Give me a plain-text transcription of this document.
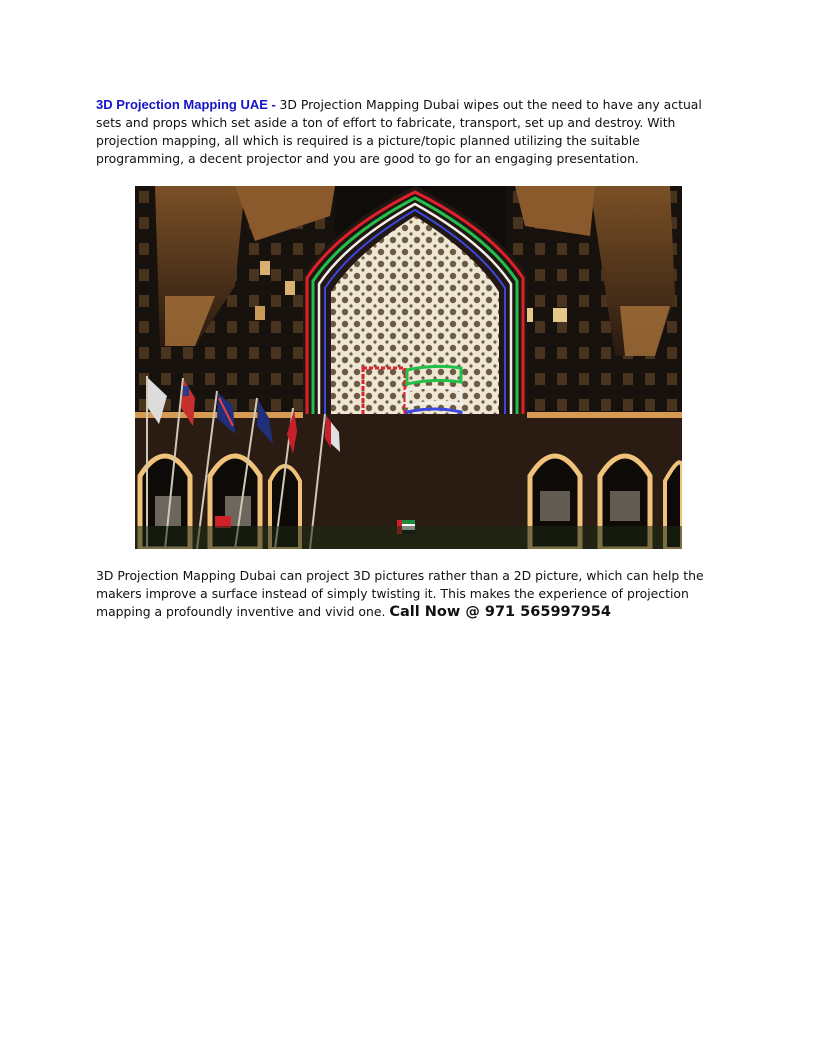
3D Projection Mapping UAE - 3D Projection Mapping Dubai wipes out the need to have any actual sets and props which set aside a ton of effort to fabricate, transport, set up and destroy. With projection mapping, all which is required is a picture/topic planned utilizing the suitable programming, a decent projector and you are good to go for an engaging presentation.

3D Projection Mapping Dubai can project 3D pictures rather than a 2D picture, which can help the makers improve a surface instead of simply twisting it. This makes the experience of projection mapping a profoundly inventive and vivid one. Call Now @ 971 565997954
